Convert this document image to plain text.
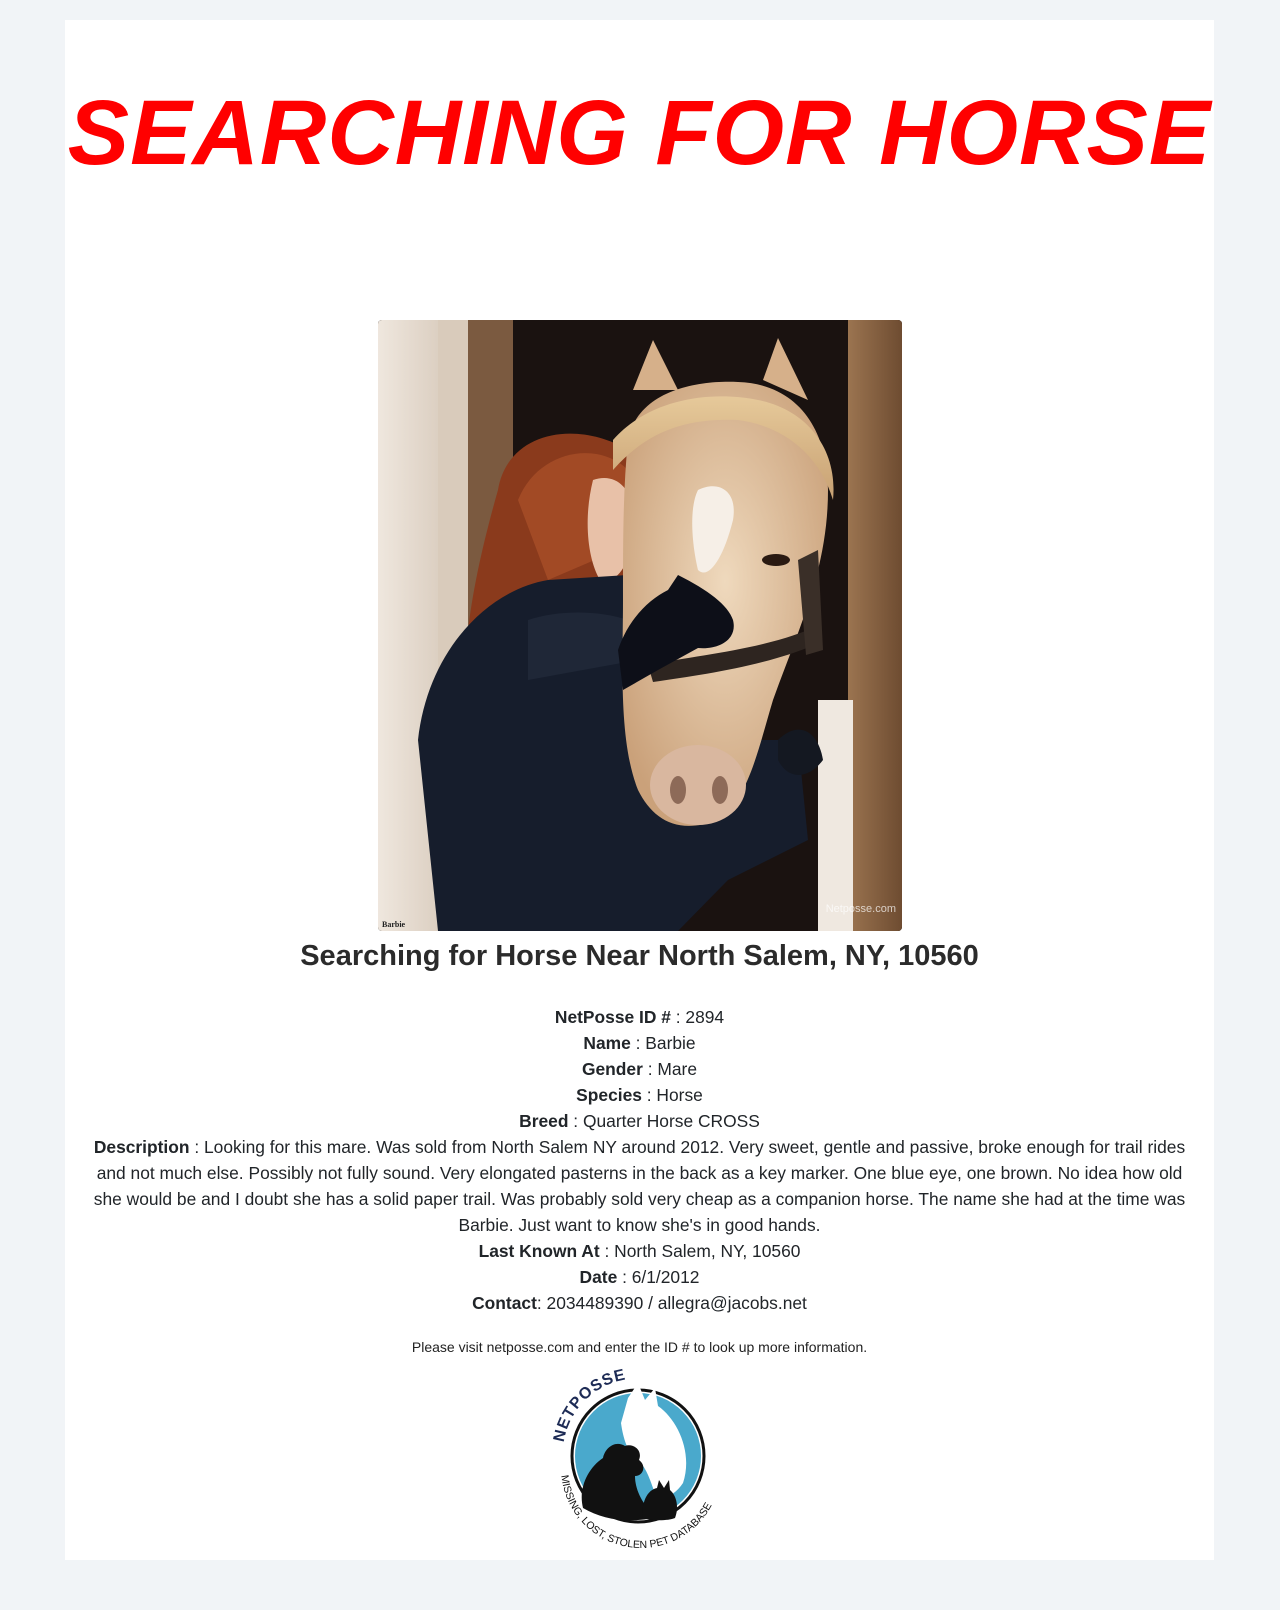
SEARCHING FOR HORSE
Barbie
Netposse.com
Searching for Horse Near North Salem, NY, 10560

NetPosse ID # : 2894

Name : Barbie

Gender : Mare

Species : Horse

Breed : Quarter Horse CROSS

Description : Looking for this mare. Was sold from North Salem NY around 2012. Very sweet, gentle and passive, broke enough for trail rides and not much else. Possibly not fully sound. Very elongated pasterns in the back as a key marker. One blue eye, one brown. No idea how old she would be and I doubt she has a solid paper trail. Was probably sold very cheap as a companion horse. The name she had at the time was Barbie. Just want to know she's in good hands.

Last Known At : North Salem, NY, 10560

Date : 6/1/2012

Contact: 2034489390 / allegra@jacobs.net

Please visit netposse.com and enter the ID # to look up more information.
NETPOSSE
MISSING, LOST, STOLEN PET DATABASE
